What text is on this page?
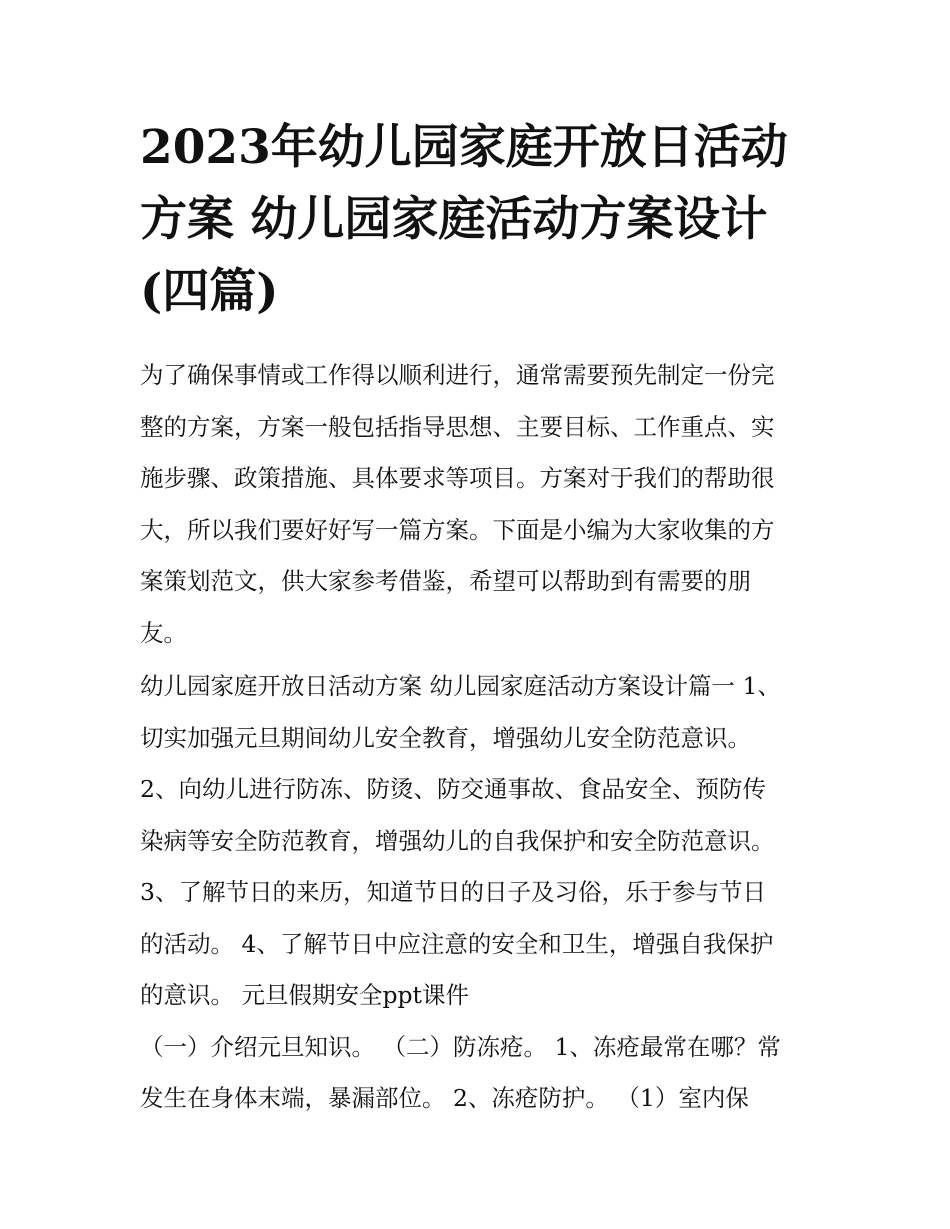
2023年幼儿园家庭开放日活动
方案 幼儿园家庭活动方案设计
(四篇)

为了确保事情或工作得以顺利进行，通常需要预先制定一份完
整的方案，方案一般包括指导思想、主要目标、工作重点、实
施步骤、政策措施、具体要求等项目。方案对于我们的帮助很
大，所以我们要好好写一篇方案。下面是小编为大家收集的方
案策划范文，供大家参考借鉴，希望可以帮助到有需要的朋
友。

幼儿园家庭开放日活动方案 幼儿园家庭活动方案设计篇一 1、
切实加强元旦期间幼儿安全教育，增强幼儿安全防范意识。
2、向幼儿进行防冻、防烫、防交通事故、食品安全、预防传
染病等安全防范教育，增强幼儿的自我保护和安全防范意识。
3、了解节日的来历，知道节日的日子及习俗，乐于参与节日
的活动。 4、了解节日中应注意的安全和卫生，增强自我保护
的意识。 元旦假期安全ppt课件
（一）介绍元旦知识。 （二）防冻疮。 1、冻疮最常在哪？常
发生在身体末端，暴漏部位。 2、冻疮防护。 （1）室内保
